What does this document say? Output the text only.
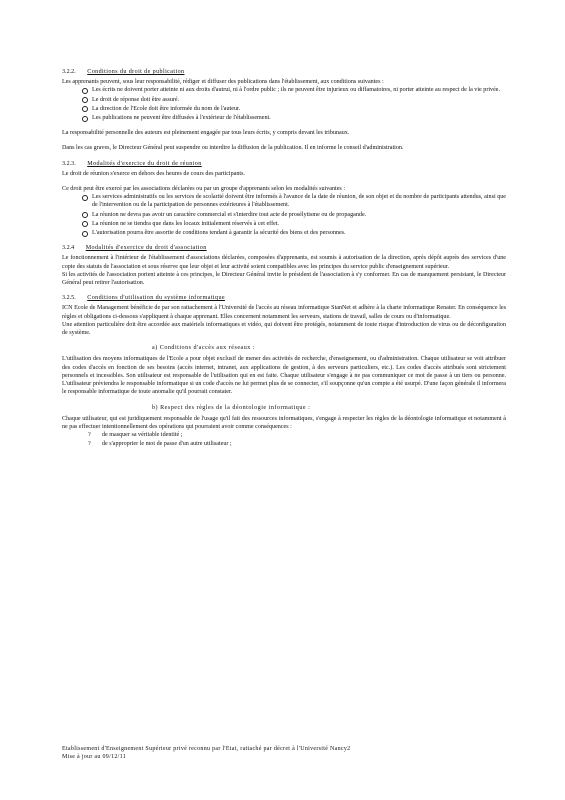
3.2.2. Conditions du droit de publication

Les apprenants peuvent, sous leur responsabilité, rédiger et diffuser des publications dans l'établissement, aux conditions suivantes :

Les écrits ne doivent porter atteinte ni aux droits d'autrui, ni à l'ordre public ; ils ne peuvent être injurieux ou diffamatoires, ni porter atteinte au respect de la vie privée.
Le droit de réponse doit être assuré.
La direction de l'Ecole doit être informée du nom de l'auteur.
Les publications ne peuvent être diffusées à l'extérieur de l'établissement.

La responsabilité personnelle des auteurs est pleinement engagée par tous leurs écrits, y compris devant les tribunaux.

Dans les cas graves, le Directeur Général peut suspendre ou interdire la diffusion de la publication. Il en informe le conseil d'administration.

3.2.3. Modalités d'exercice du droit de réunion

Le droit de réunion s'exerce en dehors des heures de cours des participants.

Ce droit peut être exercé par les associations déclarées ou par un groupe d'apprenants selon les modalités suivantes :

Les services administratifs ou les services de scolarité doivent être informés à l'avance de la date de réunion, de son objet et du nombre de participants attendus, ainsi que de l'intervention ou de la participation de personnes extérieures à l'établissement.
La réunion ne devra pas avoir un caractère commercial et s'interdire tout acte de prosélytisme ou de propagande.
La réunion ne se tiendra que dans les locaux initialement réservés à cet effet.
L'autorisation pourra être assortie de conditions tendant à garantir la sécurité des biens et des personnes.
3.2.4 Modalités d'exercice du droit d'association

Le fonctionnement à l'intérieur de l'établissement d'associations déclarées, composées d'apprenants, est soumis à autorisation de la direction, après dépôt auprès des services d'une copie des statuts de l'association et sous réserve que leur objet et leur activité soient compatibles avec les principes du service public d'enseignement supérieur.

Si les activités de l'association portent atteinte à ces principes, le Directeur Général invite le président de l'association à s'y conformer. En cas de manquement persistant, le Directeur Général peut retirer l'autorisation.

3.2.5. Conditions d'utilisation du système informatique

ICN Ecole de Management bénéficie de par son rattachement à l'Université de l'accès au réseau informatique StanNet et adhère à la charte informatique Renater. En conséquence les règles et obligations ci-dessous s'appliquent à chaque apprenant. Elles concernent notamment les serveurs, stations de travail, salles de cours ou d'informatique.

Une attention particulière doit être accordée aux matériels informatiques et vidéo, qui doivent être protégés, notamment de toute risque d'introduction de virus ou de déconfiguration de système.

a) Conditions d'accès aux réseaux :

L'utilisation des moyens informatiques de l'Ecole a pour objet exclusif de mener des activités de recherche, d'enseignement, ou d'administration. Chaque utilisateur se voit attribuer des codes d'accès en fonction de ses besoins (accès internet, intranet, aux applications de gestion, à des serveurs particuliers, etc.). Les codes d'accès attribués sont strictement personnels et incessibles. Son utilisateur est responsable de l'utilisation qui en est faite. Chaque utilisateur s'engage à ne pas communiquer ce mot de passe à un tiers ou personne. L'utilisateur préviendra le responsable informatique si un code d'accès ne lui permet plus de se connecter, s'il soupçonne qu'un compte a été usurpé. D'une façon générale il informera le responsable informatique de toute anomalie qu'il pourrait constater.

b) Respect des règles de la déontologie informatique :

Chaque utilisateur, qui est juridiquement responsable de l'usage qu'il fait des ressources informatiques, s'engage à respecter les règles de la déontologie informatique et notamment à ne pas effectuer intentionnellement des opérations qui pourraient avoir comme conséquences :

? de masquer sa véritable identité ;
? de s'approprier le mot de passe d'un autre utilisateur ;
Etablissement d'Enseignement Supérieur privé reconnu par l'Etat, rattaché par décret à l'Université Nancy2
Mise à jour au 09/12/11
